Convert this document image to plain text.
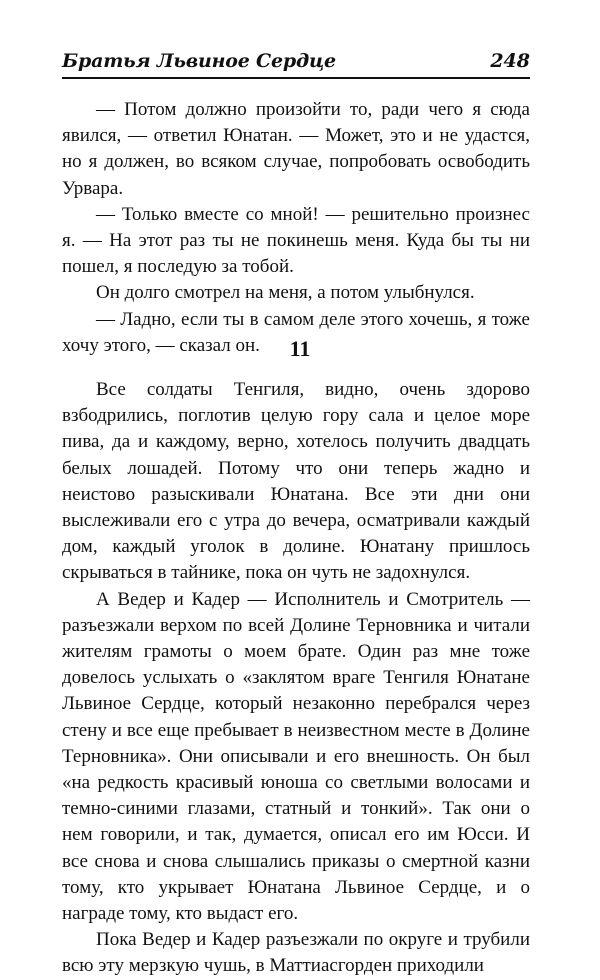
Братья Львиное Сердце	248

— Потом должно произойти то, ради чего я сюда явился, — ответил Юнатан. — Может, это и не удастся, но я должен, во всяком случае, попробовать освободить Урвара.

— Только вместе со мной! — решительно произнес я. — На этот раз ты не покинешь меня. Куда бы ты ни пошел, я последую за тобой.

Он долго смотрел на меня, а потом улыбнулся.

— Ладно, если ты в самом деле этого хочешь, я тоже хочу этого, — сказал он.	11

Все солдаты Тенгиля, видно, очень здорово взбодрились, поглотив целую гору сала и целое море пива, да и каждому, верно, хотелось получить двадцать белых лошадей. Потому что они теперь жадно и неистово разыскивали Юнатана. Все эти дни они выслеживали его с утра до вечера, осматривали каждый дом, каждый уголок в долине. Юнатану пришлось скрываться в тайнике, пока он чуть не задохнулся.

А Ведер и Кадер — Исполнитель и Смотритель — разъезжали верхом по всей Долине Терновника и читали жителям грамоты о моем брате. Один раз мне тоже довелось услыхать о «заклятом враге Тенгиля Юнатане Львиное Сердце, который незаконно перебрался через стену и все еще пребывает в неизвестном месте в Долине Терновника». Они описывали и его внешность. Он был «на редкость красивый юноша со светлыми волосами и темно-синими глазами, статный и тонкий». Так они о нем говорили, и так, думается, описал его им Юсси. И все снова и снова слышались приказы о смертной казни тому, кто укрывает Юнатана Львиное Сердце, и о награде тому, кто выдаст его.

Пока Ведер и Кадер разъезжали по округе и трубили всю эту мерзкую чушь, в Маттиасгорден приходили
